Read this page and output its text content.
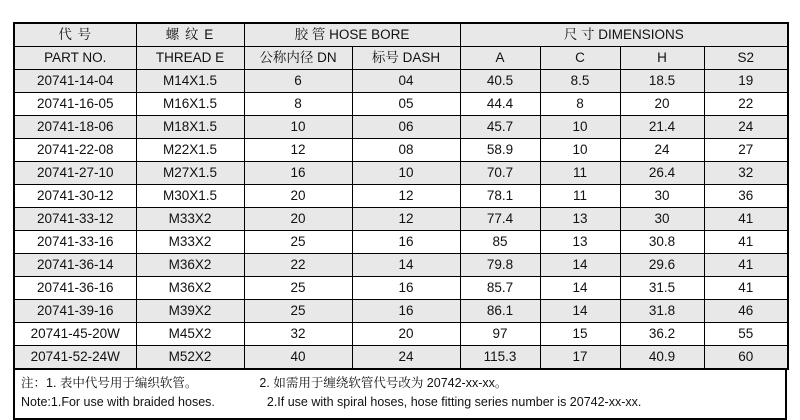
代 号	螺 纹 E	胶 管 HOSE BORE		尺 寸 DIMENSIONS			
PART NO.	THREAD E	公称内径 DN	标号 DASH	A	C	H	S2
20741-14-04	M14X1.5	6	04	40.5	8.5	18.5	19
20741-16-05	M16X1.5	8	05	44.4	8	20	22
20741-18-06	M18X1.5	10	06	45.7	10	21.4	24
20741-22-08	M22X1.5	12	08	58.9	10	24	27
20741-27-10	M27X1.5	16	10	70.7	11	26.4	32
20741-30-12	M30X1.5	20	12	78.1	11	30	36
20741-33-12	M33X2	20	12	77.4	13	30	41
20741-33-16	M33X2	25	16	85	13	30.8	41
20741-36-14	M36X2	22	14	79.8	14	29.6	41
20741-36-16	M36X2	25	16	85.7	14	31.5	41
20741-39-16	M39X2	25	16	86.1	14	31.8	46
20741-45-20W	M45X2	32	20	97	15	36.2	55
20741-52-24W	M52X2	40	24	115.3	17	40.9	60
注：1. 表中代号用于编织软管。	2. 如需用于缠绕软管代号改为 20742-xx-xx。
Note:1.For use with braided hoses.	2.If use with spiral hoses, hose fitting series number is 20742-xx-xx.
